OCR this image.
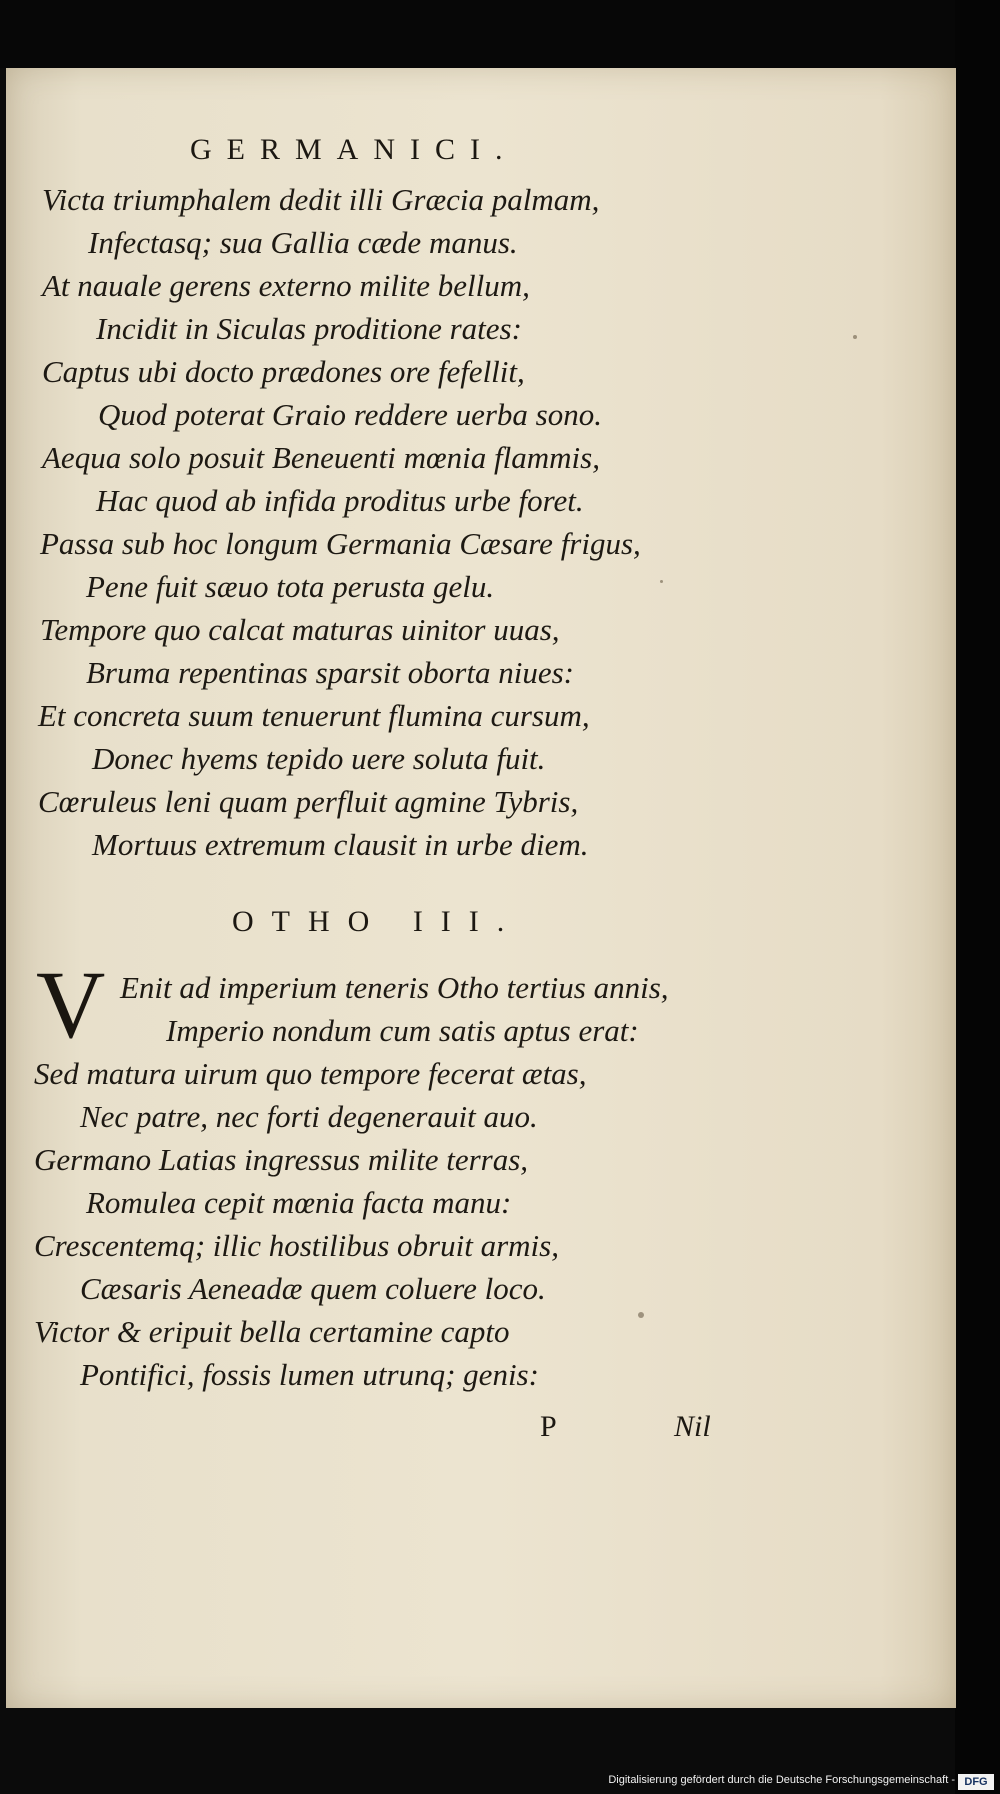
GERMANICI.
Victa triumphalem dedit illi Græcia palmam,
Infectasq; sua Gallia cæde manus.
At nauale gerens externo milite bellum,
Incidit in Siculas proditione rates:
Captus ubi docto prædones ore fefellit,
Quod poterat Graio reddere uerba sono.
Aequa solo posuit Beneuenti mœnia flammis,
Hac quod ab infida proditus urbe foret.
Passa sub hoc longum Germania Cæsare frigus,
Pene fuit sæuo tota perusta gelu.
Tempore quo calcat maturas uinitor uuas,
Bruma repentinas sparsit oborta niues:
Et concreta suum tenuerunt flumina cursum,
Donec hyems tepido uere soluta fuit.
Cœruleus leni quam perfluit agmine Tybris,
Mortuus extremum clausit in urbe diem.
OTHO III.
V Enit ad imperium teneris Otho tertius annis,
Imperio nondum cum satis aptus erat:
Sed matura uirum quo tempore fecerat ætas,
Nec patre, nec forti degenerauit auo.
Germano Latias ingressus milite terras,
Romulea cepit mœnia facta manu:
Crescentemq; illic hostilibus obruit armis,
Cæsaris Aeneadæ quem coluere loco.
Victor & eripuit bella certamine capto
Pontifici, fossis lumen utrunq; genis:
P	Nil
Digitalisierung gefördert durch die Deutsche Forschungsgemeinschaft - DFG
